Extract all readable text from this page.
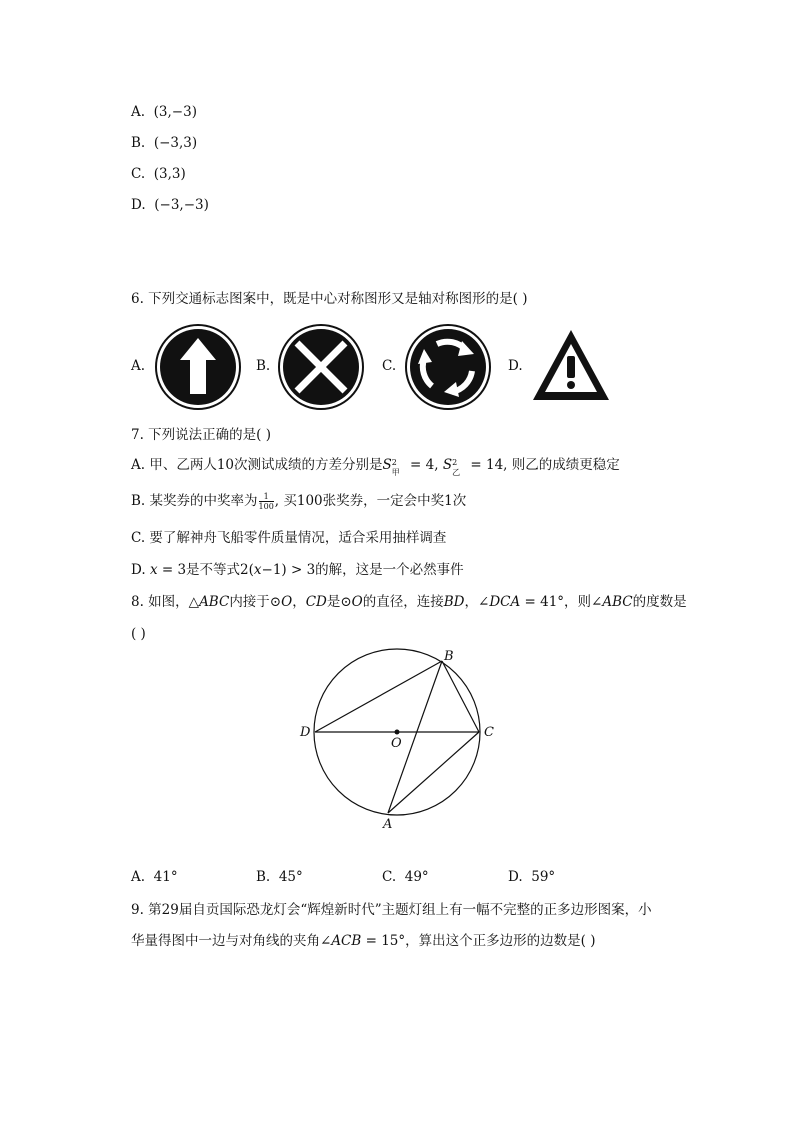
A. (3,−3)
B. (−3,3)
C. (3,3)
D. (−3,−3)
6. 下列交通标志图案中，既是中心对称图形又是轴对称图形的是( )
A.	B.	C.	D.
7. 下列说法正确的是( )
A. 甲、乙两人10次测试成绩的方差分别是S 2
甲 = 4, S 2
乙 = 14, 则乙的成绩更稳定
B. 某奖券的中奖率为 $\frac{1}{100}$ , 买100张奖券，一定会中奖1次
C. 要了解神舟飞船零件质量情况，适合采用抽样调查
D. x = 3是不等式2(x−1) > 3的解，这是一个必然事件
8. 如图，△ABC内接于⊙O，CD是⊙O的直径，连接BD，∠DCA = 41°，则∠ABC的度数是
( )
B
D
O
C
A
A. 41°	B. 45°	C. 49°	D. 59°
9. 第29届自贡国际恐龙灯会“辉煌新时代”主题灯组上有一幅不完整的正多边形图案，小
华量得图中一边与对角线的夹角∠ACB = 15°，算出这个正多边形的边数是( )
